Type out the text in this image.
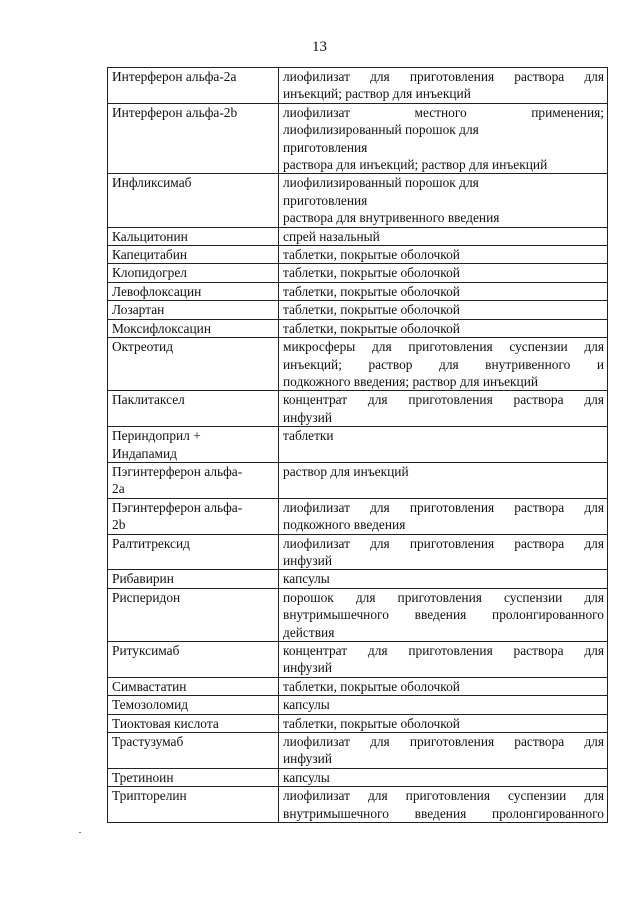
13
Интерферон альфа-2а	лиофилизат для приготовления раствора для
инъекций; раствор для инъекций

Интерферон альфа-2b	лиофилизат местного применения;
лиофилизированный порошок для
приготовления
раствора для инъекций; раствор для инъекций

Инфликсимаб	лиофилизированный порошок для
приготовления
раствора для внутривенного введения

Кальцитонин	спрей назальный

Капецитабин	таблетки, покрытые оболочкой

Клопидогрел	таблетки, покрытые оболочкой

Левофлоксацин	таблетки, покрытые оболочкой

Лозартан	таблетки, покрытые оболочкой

Моксифлоксацин	таблетки, покрытые оболочкой

Октреотид	микросферы для приготовления суспензии для
инъекций; раствор для внутривенного и
подкожного введения; раствор для инъекций

Паклитаксел	концентрат для приготовления раствора для
инфузий

Периндоприл +
Индапамид	таблетки

Пэгинтерферон альфа-
2а	раствор для инъекций

Пэгинтерферон альфа-
2b	лиофилизат для приготовления раствора для
подкожного введения

Ралтитрексид	лиофилизат для приготовления раствора для
инфузий

Рибавирин	капсулы

Рисперидон	порошок для приготовления суспензии для
внутримышечного введения пролонгированного
действия

Ритуксимаб	концентрат для приготовления раствора для
инфузий

Симвастатин	таблетки, покрытые оболочкой

Темозоломид	капсулы

Тиоктовая кислота	таблетки, покрытые оболочкой

Трастузумаб	лиофилизат для приготовления раствора для
инфузий

Третиноин	капсулы

Трипторелин	лиофилизат для приготовления суспензии для
внутримышечного введения пролонгированного
